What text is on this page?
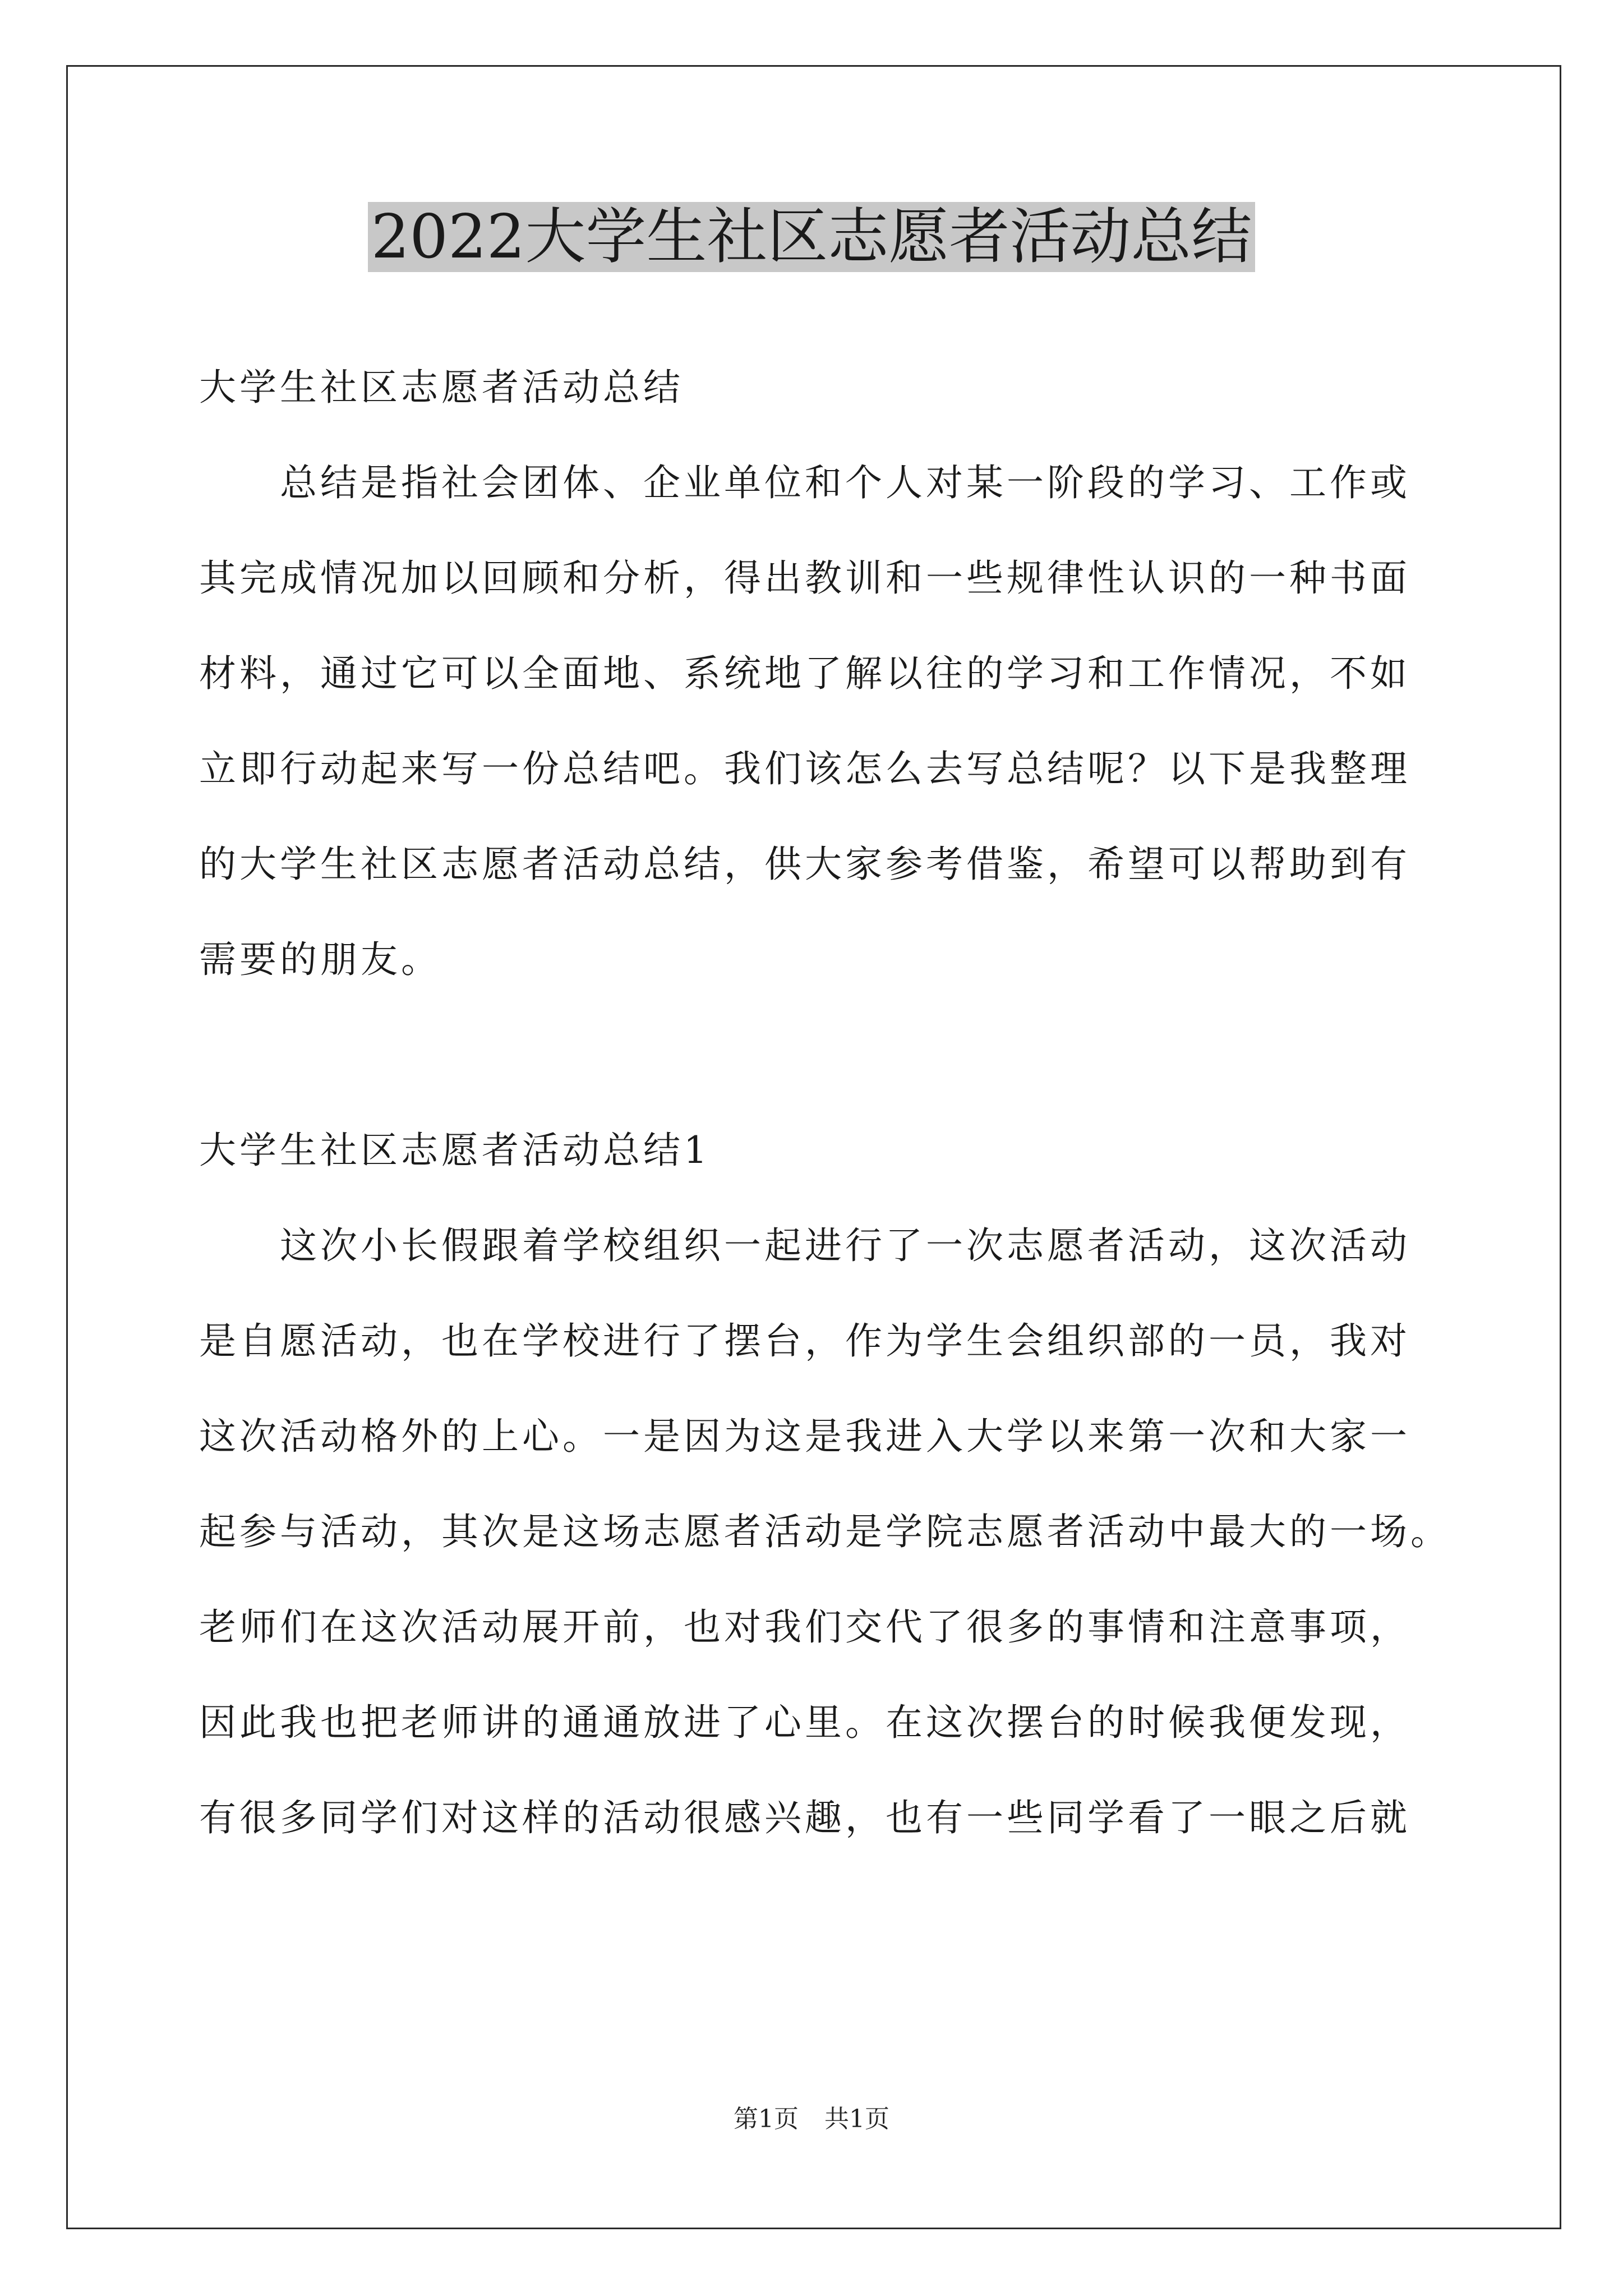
2022大学生社区志愿者活动总结
大学生社区志愿者活动总结
　　总结是指社会团体、企业单位和个人对某一阶段的学习、工作或
其完成情况加以回顾和分析，得出教训和一些规律性认识的一种书面
材料，通过它可以全面地、系统地了解以往的学习和工作情况，不如
立即行动起来写一份总结吧。我们该怎么去写总结呢？以下是我整理
的大学生社区志愿者活动总结，供大家参考借鉴，希望可以帮助到有
需要的朋友。
大学生社区志愿者活动总结1
　　这次小长假跟着学校组织一起进行了一次志愿者活动，这次活动
是自愿活动，也在学校进行了摆台，作为学生会组织部的一员，我对
这次活动格外的上心。一是因为这是我进入大学以来第一次和大家一
起参与活动，其次是这场志愿者活动是学院志愿者活动中最大的一场。
老师们在这次活动展开前，也对我们交代了很多的事情和注意事项，
因此我也把老师讲的通通放进了心里。在这次摆台的时候我便发现，
有很多同学们对这样的活动很感兴趣，也有一些同学看了一眼之后就
第1页 共1页
